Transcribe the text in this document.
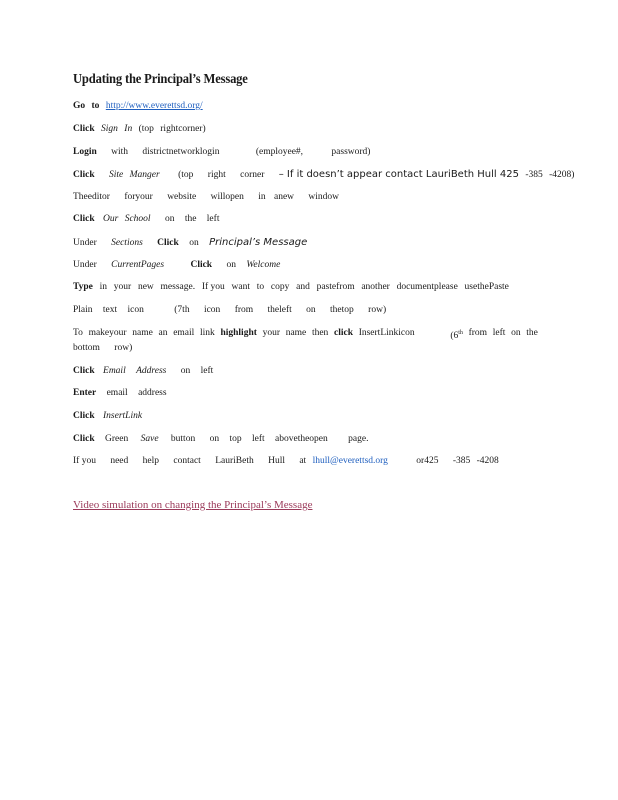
Updating the Principal’s Message
Go to http://www.everettsd.org/
Click Sign In (top rightcorner)
Login with districtnetworklogin	(employee#,	password)
Click Site Manger (top right corner – If it doesn’t appear contact LauriBeth Hull 425 -385 -4208)
Theeditor foryour website willopen in anew window
Click Our School on the left
Under Sections Click on Principal’s Message
Under CurrentPages	Click on Welcome
Type in your new message. If you want to copy and pastefrom another documentplease usethePaste
Plain text icon	(7th icon from theleft on thetop row)
To makeyour name an email link highlight your name then click InsertLinkicon	(6th from left on the
bottom row)
Click Email Address on left
Enter email address
Click InsertLink
Click Green Save button on top left abovetheopen page.
If you need help contact LauriBeth Hull at lhull@everettsd.org	or425 -385 -4208
Video simulation on changing the Principal’s Message
